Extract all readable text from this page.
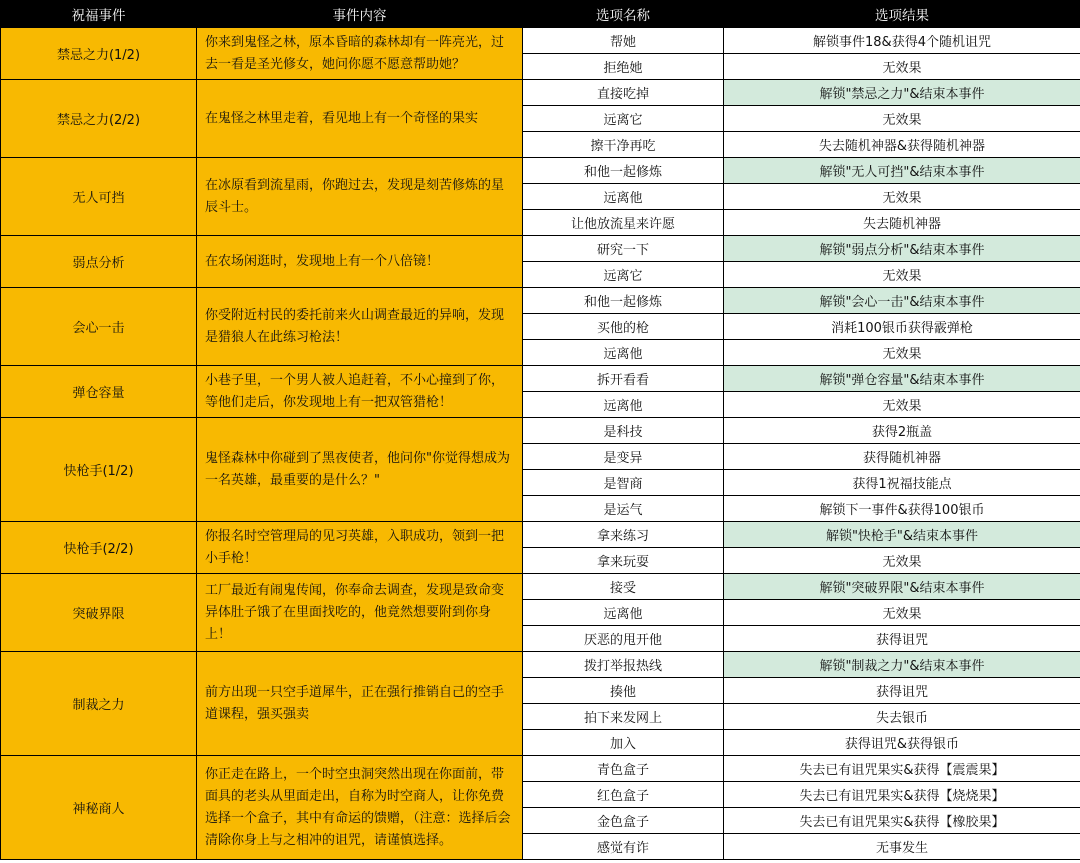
祝福事件	事件内容	选项名称	选项结果
禁忌之力(1/2)	你来到鬼怪之林，原本昏暗的森林却有一阵亮光，过去一看是圣光修女，她问你愿不愿意帮助她？	帮她	解锁事件18&获得4个随机诅咒
		拒绝她	无效果
禁忌之力(2/2)	在鬼怪之林里走着，看见地上有一个奇怪的果实	直接吃掉	解锁"禁忌之力"&结束本事件
		远离它	无效果
		擦干净再吃	失去随机神器&获得随机神器
无人可挡	在冰原看到流星雨，你跑过去，发现是刻苦修炼的星辰斗士。	和他一起修炼	解锁"无人可挡"&结束本事件
		远离他	无效果
		让他放流星来许愿	失去随机神器
弱点分析	在农场闲逛时，发现地上有一个八倍镜！	研究一下	解锁"弱点分析"&结束本事件
		远离它	无效果
会心一击	你受附近村民的委托前来火山调查最近的异响，发现是猎狼人在此练习枪法！	和他一起修炼	解锁"会心一击"&结束本事件
		买他的枪	消耗100银币获得霰弹枪
		远离他	无效果
弹仓容量	小巷子里，一个男人被人追赶着，不小心撞到了你，等他们走后，你发现地上有一把双管猎枪！	拆开看看	解锁"弹仓容量"&结束本事件
		远离他	无效果
快枪手(1/2)	鬼怪森林中你碰到了黑夜使者，他问你"你觉得想成为一名英雄，最重要的是什么？"	是科技	获得2瓶盖
		是变异	获得随机神器
		是智商	获得1祝福技能点
		是运气	解锁下一事件&获得100银币
快枪手(2/2)	你报名时空管理局的见习英雄，入职成功，领到一把小手枪！	拿来练习	解锁"快枪手"&结束本事件
		拿来玩耍	无效果
突破界限	工厂最近有闹鬼传闻，你奉命去调查，发现是致命变异体肚子饿了在里面找吃的，他竟然想要附到你身上！	接受	解锁"突破界限"&结束本事件
		远离他	无效果
		厌恶的甩开他	获得诅咒
制裁之力	前方出现一只空手道犀牛，正在强行推销自己的空手道课程，强买强卖	拨打举报热线	解锁"制裁之力"&结束本事件
		揍他	获得诅咒
		拍下来发网上	失去银币
		加入	获得诅咒&获得银币
神秘商人	你正走在路上，一个时空虫洞突然出现在你面前，带面具的老头从里面走出，自称为时空商人，让你免费选择一个盒子，其中有命运的馈赠，（注意：选择后会清除你身上与之相冲的诅咒，请谨慎选择。	青色盒子	失去已有诅咒果实&获得【震震果】
		红色盒子	失去已有诅咒果实&获得【烧烧果】
		金色盒子	失去已有诅咒果实&获得【橡胶果】
		感觉有诈	无事发生
